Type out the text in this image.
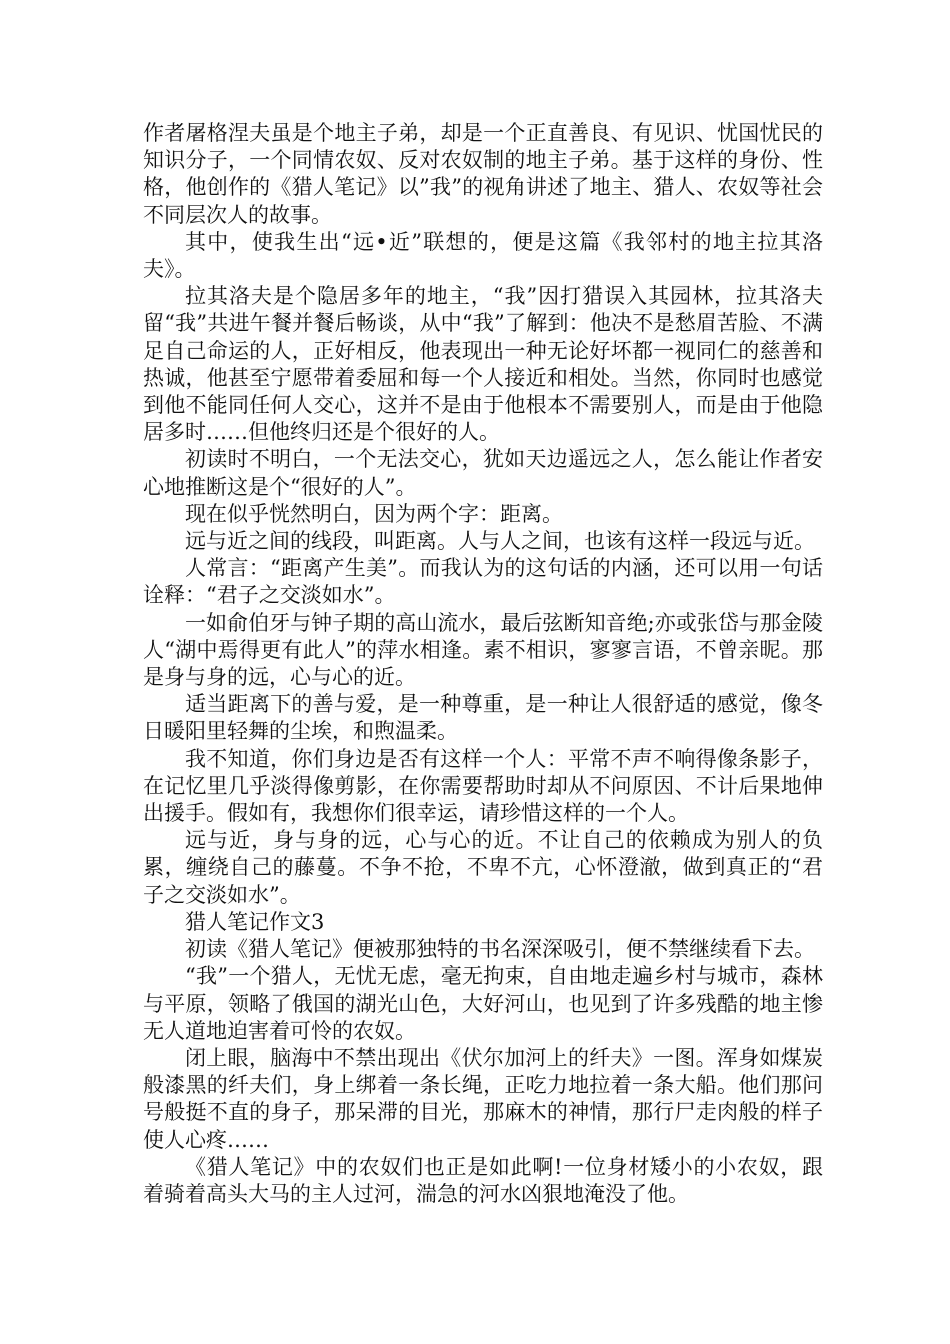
作者屠格涅夫虽是个地主子弟，却是一个正直善良、有见识、忧国忧民的知识分子，一个同情农奴、反对农奴制的地主子弟。基于这样的身份、性格，他创作的《猎人笔记》以”我”的视角讲述了地主、猎人、农奴等社会不同层次人的故事。

其中，使我生出“远•近”联想的，便是这篇《我邻村的地主拉其洛夫》。

拉其洛夫是个隐居多年的地主，“我”因打猎误入其园林，拉其洛夫留“我”共进午餐并餐后畅谈，从中“我”了解到：他决不是愁眉苦脸、不满足自己命运的人，正好相反，他表现出一种无论好坏都一视同仁的慈善和热诚，他甚至宁愿带着委屈和每一个人接近和相处。当然，你同时也感觉到他不能同任何人交心，这并不是由于他根本不需要别人，而是由于他隐居多时……但他终归还是个很好的人。

初读时不明白，一个无法交心，犹如天边遥远之人，怎么能让作者安心地推断这是个“很好的人”。

现在似乎恍然明白，因为两个字：距离。

远与近之间的线段，叫距离。人与人之间，也该有这样一段远与近。

人常言：“距离产生美”。而我认为的这句话的内涵，还可以用一句话诠释：“君子之交淡如水”。

一如俞伯牙与钟子期的高山流水，最后弦断知音绝;亦或张岱与那金陵人“湖中焉得更有此人”的萍水相逢。素不相识，寥寥言语，不曾亲昵。那是身与身的远，心与心的近。

适当距离下的善与爱，是一种尊重，是一种让人很舒适的感觉，像冬日暖阳里轻舞的尘埃，和煦温柔。

我不知道，你们身边是否有这样一个人：平常不声不响得像条影子，在记忆里几乎淡得像剪影，在你需要帮助时却从不问原因、不计后果地伸出援手。假如有，我想你们很幸运，请珍惜这样的一个人。

远与近，身与身的远，心与心的近。不让自己的依赖成为别人的负累，缠绕自己的藤蔓。不争不抢，不卑不亢，心怀澄澈，做到真正的“君子之交淡如水”。

猎人笔记作文3

初读《猎人笔记》便被那独特的书名深深吸引，便不禁继续看下去。

“我”一个猎人，无忧无虑，毫无拘束，自由地走遍乡村与城市，森林与平原，领略了俄国的湖光山色，大好河山，也见到了许多残酷的地主惨无人道地迫害着可怜的农奴。

闭上眼，脑海中不禁出现出《伏尔加河上的纤夫》一图。浑身如煤炭般漆黑的纤夫们，身上绑着一条长绳，正吃力地拉着一条大船。他们那问号般挺不直的身子，那呆滞的目光，那麻木的神情，那行尸走肉般的样子使人心疼……

《猎人笔记》中的农奴们也正是如此啊!一位身材矮小的小农奴，跟着骑着高头大马的主人过河，湍急的河水凶狠地淹没了他。
